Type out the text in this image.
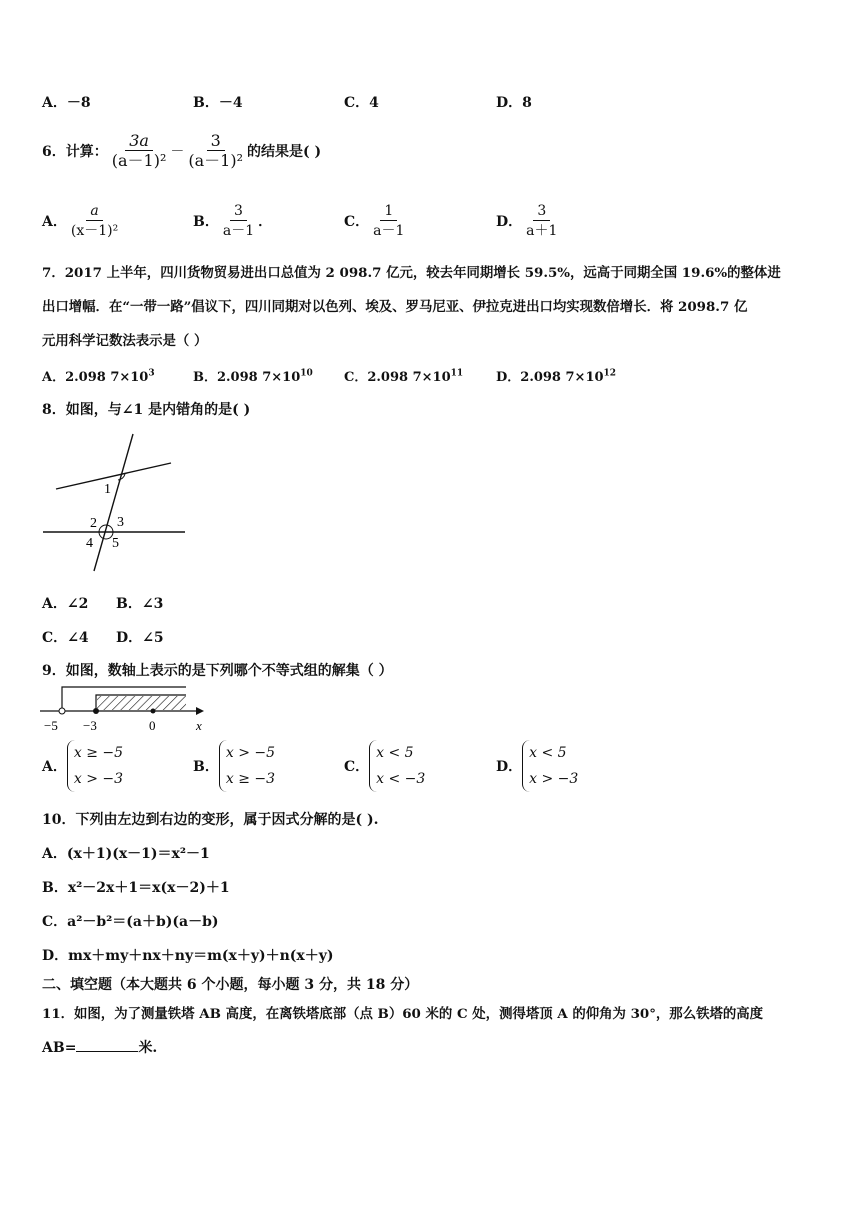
A．－8	B．－4	C．4	D．8
6．计算： $\frac{3a}{\text{(a－1)²}} - \frac{3}{\text{(a－1)²}}$ 的结果是( )
A． $\frac{a}{\text{(x－1)²}}$	B． $\frac{3}{a-1}$ ．	C． $\frac{1}{a-1}$	D． $\frac{3}{a+1}$
7．2017 上半年，四川货物贸易进出口总值为 2 098.7 亿元，较去年同期增长 59.5%，远高于同期全国 19.6%的整体进
出口增幅．在“一带一路”倡议下，四川同期对以色列、埃及、罗马尼亚、伊拉克进出口均实现数倍增长．将 2098.7 亿
元用科学记数法表示是（ ）
A．2.098 $7\times 10^3$	B．2.098 $7\times 10^{10}$ C．2.098 $7\times 10^{11}$	D．2.098 $7\times 10^{12}$
8．如图，与∠1 是内错角的是( )
1
2 3
4 5
A．∠2 B．∠3
C．∠4 D．∠5
9．如图，数轴上表示的是下列哪个不等式组的解集（ ）
−5 −3	0	x
A．
x ≥ −5
x > −3
B．
x > −5
x ≥ −3
C．
x < 5
x < −3
D．
x < 5
x > −3
10．下列由左边到右边的变形，属于因式分解的是( ).
A．(x＋1)(x－1)＝x²－1
B．x²－2x＋1＝x(x－2)＋1
C．a²－b²＝(a＋b)(a－b)
D．mx＋my＋nx＋ny＝m(x＋y)＋n(x＋y)
二、填空题（本大题共 6 个小题，每小题 3 分，共 18 分）
11．如图，为了测量铁塔 AB 高度，在离铁塔底部（点 B）60 米的 C 处，测得塔顶 A 的仰角为 30°，那么铁塔的高度
AB=	米.
